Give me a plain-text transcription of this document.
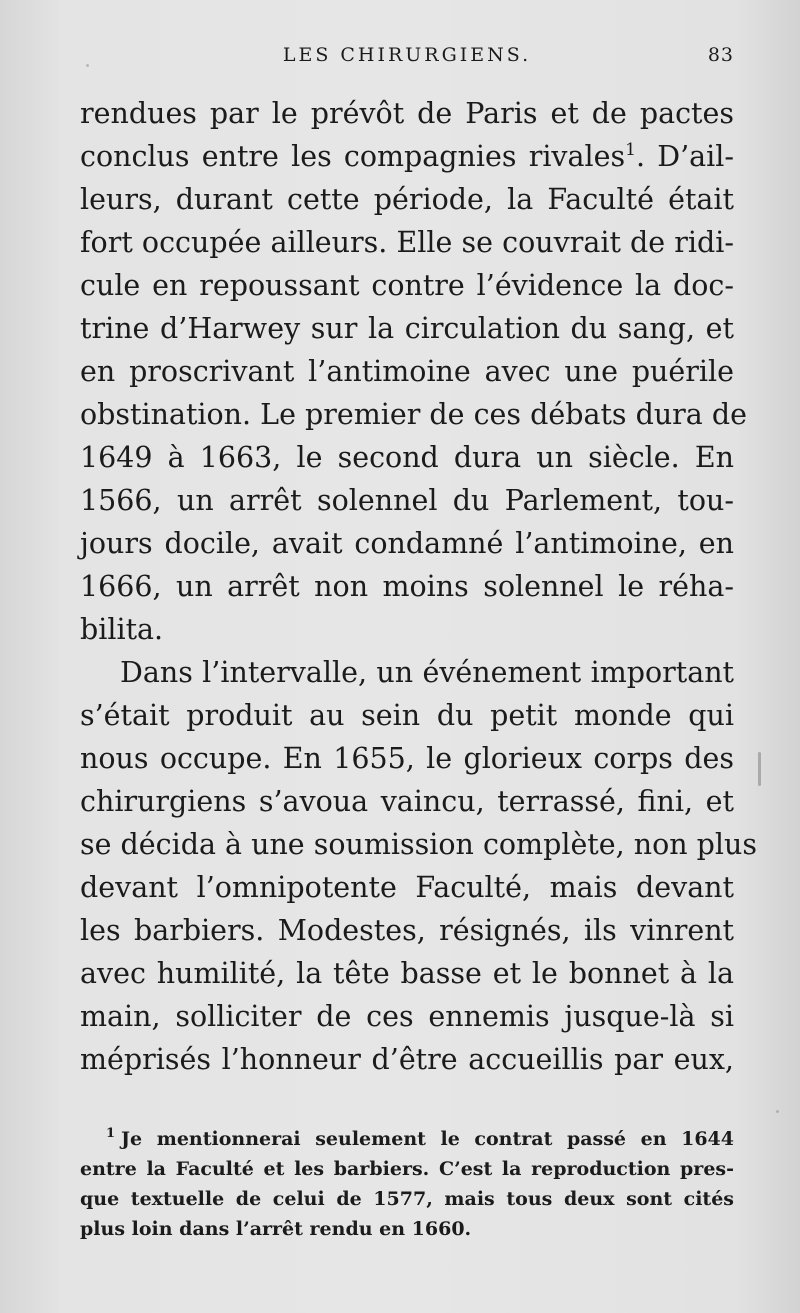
LES CHIRURGIENS.	83
rendues par le prévôt de Paris et de pactes
conclus entre les compagnies rivales$^1$. D’ail-
leurs, durant cette période, la Faculté était
fort occupée ailleurs. Elle se couvrait de ridi-
cule en repoussant contre l’évidence la doc-
trine d’Harwey sur la circulation du sang, et
en proscrivant l’antimoine avec une puérile
obstination. Le premier de ces débats dura de
1649 à 1663, le second dura un siècle. En
1566, un arrêt solennel du Parlement, tou-
jours docile, avait condamné l’antimoine, en
1666, un arrêt non moins solennel le réha-
bilita.
Dans l’intervalle, un événement important
s’était produit au sein du petit monde qui
nous occupe. En 1655, le glorieux corps des
chirurgiens s’avoua vaincu, terrassé, fini, et
se décida à une soumission complète, non plus
devant l’omnipotente Faculté, mais devant
les barbiers. Modestes, résignés, ils vinrent
avec humilité, la tête basse et le bonnet à la
main, solliciter de ces ennemis jusque-là si
méprisés l’honneur d’être accueillis par eux,
$^1$ Je mentionnerai seulement le contrat passé en 1644
entre la Faculté et les barbiers. C’est la reproduction pres-
que textuelle de celui de 1577, mais tous deux sont cités
plus loin dans l’arrêt rendu en 1660.
